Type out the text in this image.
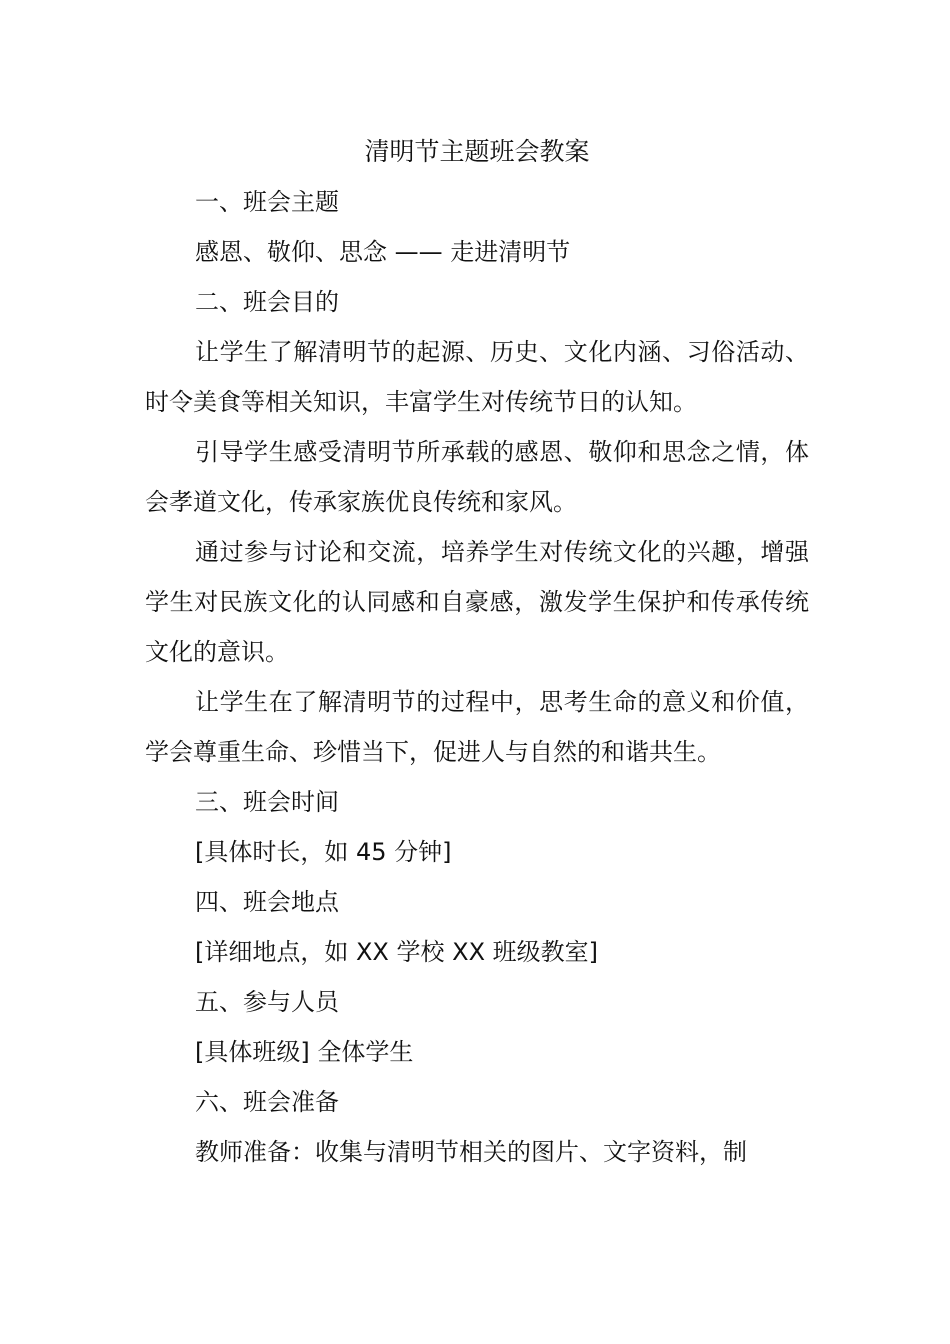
清明节主题班会教案
一、班会主题
感恩、敬仰、思念 —— 走进清明节
二、班会目的
让学生了解清明节的起源、历史、文化内涵、习俗活动、时令美食等相关知识，丰富学生对传统节日的认知。
引导学生感受清明节所承载的感恩、敬仰和思念之情，体会孝道文化，传承家族优良传统和家风。
通过参与讨论和交流，培养学生对传统文化的兴趣，增强学生对民族文化的认同感和自豪感，激发学生保护和传承传统文化的意识。
让学生在了解清明节的过程中，思考生命的意义和价值，学会尊重生命、珍惜当下，促进人与自然的和谐共生。
三、班会时间
[具体时长，如 45 分钟]
四、班会地点
[详细地点，如 XX 学校 XX 班级教室]
五、参与人员
[具体班级] 全体学生
六、班会准备
教师准备：收集与清明节相关的图片、文字资料，制
